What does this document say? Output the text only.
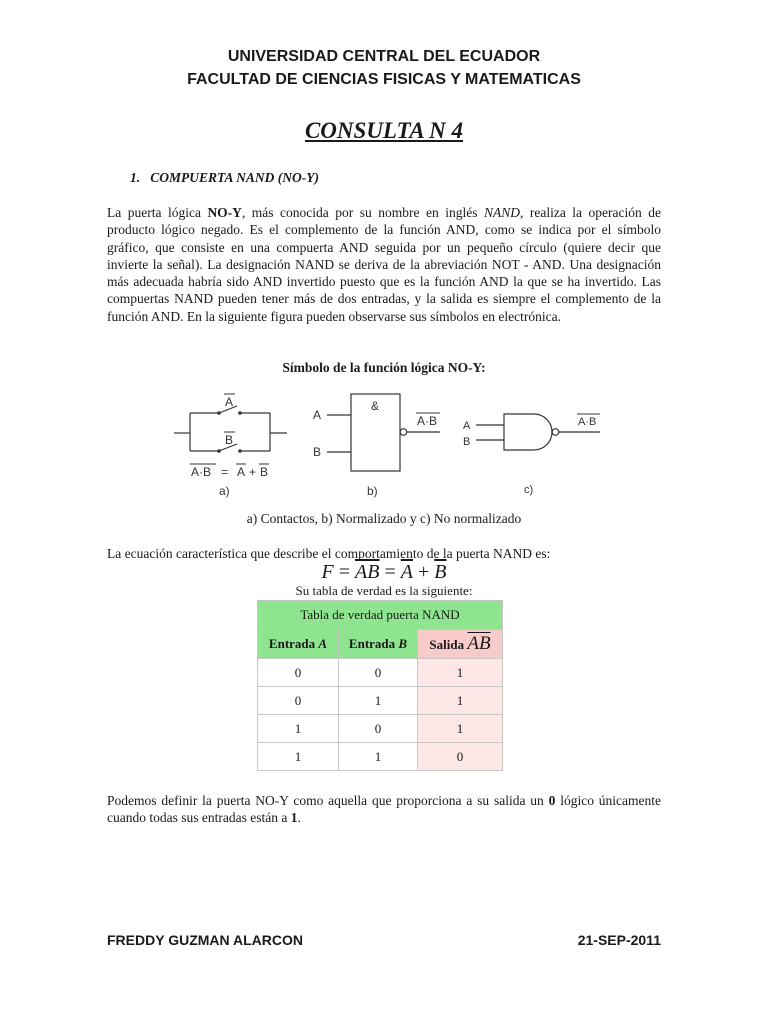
UNIVERSIDAD CENTRAL DEL ECUADOR
FACULTAD DE CIENCIAS FISICAS Y MATEMATICAS
CONSULTA N 4
1. COMPUERTA NAND (NO-Y)
La puerta lógica NO-Y, más conocida por su nombre en inglés NAND, realiza la operación de producto lógico negado. Es el complemento de la función AND, como se indica por el símbolo gráfico, que consiste en una compuerta AND seguida por un pequeño círculo (quiere decir que invierte la señal). La designación NAND se deriva de la abreviación NOT - AND. Una designación más adecuada habría sido AND invertido puesto que es la función AND la que se ha invertido. Las compuertas NAND pueden tener más de dos entradas, y la salida es siempre el complemento de la función AND. En la siguiente figura pueden observarse sus símbolos en electrónica.
Símbolo de la función lógica NO-Y:
A
B
A·B = A + B
a)
A
B
&
A·B
b)
A
B
A·B
c)
a) Contactos, b) Normalizado y c) No normalizado
La ecuación característica que describe el comportamiento de la puerta NAND es:
$F = \overline{AB} = \overline{A} + \overline{B}$
Su tabla de verdad es la siguiente:
Tabla de verdad puerta NAND		
Entrada A	Entrada B	Salida $\overline{AB}$
0	0	1
0	1	1
1	0	1
1	1	0
Podemos definir la puerta NO-Y como aquella que proporciona a su salida un 0 lógico únicamente cuando todas sus entradas están a 1.
FREDDY GUZMAN ALARCON	21-SEP-2011
